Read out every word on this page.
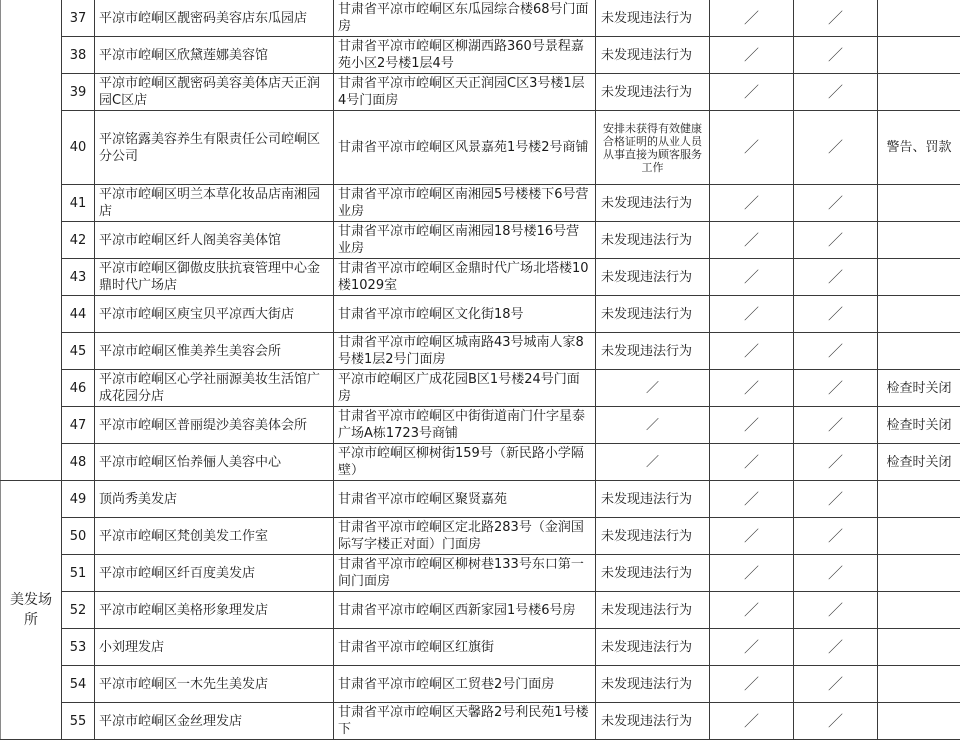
	37	平凉市崆峒区靓密码美容店东瓜园店	甘肃省平凉市崆峒区东瓜园综合楼68号门面房	未发现违法行为	／	／	
	38	平凉市崆峒区欣黛莲娜美容馆	甘肃省平凉市崆峒区柳湖西路360号景程嘉苑小区2号楼1层4号	未发现违法行为	／	／	
	39	平凉市崆峒区靓密码美容美体店天正润园C区店	甘肃省平凉市崆峒区天正润园C区3号楼1层4号门面房	未发现违法行为	／	／	
	40	平凉铭露美容养生有限责任公司崆峒区分公司	甘肃省平凉市崆峒区风景嘉苑1号楼2号商铺	安排未获得有效健康合格证明的从业人员从事直接为顾客服务工作	／	／	警告、罚款
	41	平凉市崆峒区明兰本草化妆品店南湘园店	甘肃省平凉市崆峒区南湘园5号楼楼下6号营业房	未发现违法行为	／	／	
	42	平凉市崆峒区纤人阁美容美体馆	甘肃省平凉市崆峒区南湘园18号楼16号营业房	未发现违法行为	／	／	
	43	平凉市崆峒区御傲皮肤抗衰管理中心金鼎时代广场店	甘肃省平凉市崆峒区金鼎时代广场北塔楼10楼1029室	未发现违法行为	／	／	
	44	平凉市崆峒区庾宝贝平凉西大街店	甘肃省平凉市崆峒区文化街18号	未发现违法行为	／	／	
	45	平凉市崆峒区惟美养生美容会所	甘肃省平凉市崆峒区城南路43号城南人家8号楼1层2号门面房	未发现违法行为	／	／	
	46	平凉市崆峒区心学社丽源美妆生活馆广成花园分店	平凉市崆峒区广成花园B区1号楼24号门面房	／	／	／	检查时关闭
	47	平凉市崆峒区普丽缇沙美容美体会所	甘肃省平凉市崆峒区中街街道南门什字星泰广场A栋1723号商铺	／	／	／	检查时关闭
	48	平凉市崆峒区怡养俪人美容中心	平凉市崆峒区柳树街159号（新民路小学隔壁）	／	／	／	检查时关闭
美发场所	49	顶尚秀美发店	甘肃省平凉市崆峒区聚贤嘉苑	未发现违法行为	／	／	
	50	平凉市崆峒区梵创美发工作室	甘肃省平凉市崆峒区定北路283号（金润国际写字楼正对面）门面房	未发现违法行为	／	／	
	51	平凉市崆峒区纤百度美发店	甘肃省平凉市崆峒区柳树巷133号东口第一间门面房	未发现违法行为	／	／	
	52	平凉市崆峒区美格形象理发店	甘肃省平凉市崆峒区西新家园1号楼6号房	未发现违法行为	／	／	
	53	小刘理发店	甘肃省平凉市崆峒区红旗街	未发现违法行为	／	／	
	54	平凉市崆峒区一木先生美发店	甘肃省平凉市崆峒区工贸巷2号门面房	未发现违法行为	／	／	
	55	平凉市崆峒区金丝理发店	甘肃省平凉市崆峒区天馨路2号利民苑1号楼下	未发现违法行为	／	／	
